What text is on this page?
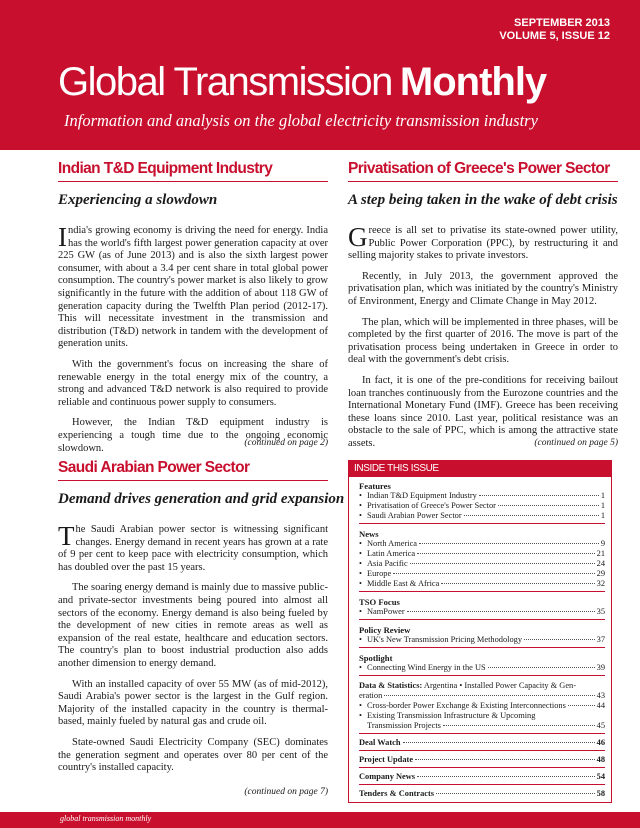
SEPTEMBER 2013
VOLUME 5, ISSUE 12
Global Transmission Monthly
Information and analysis on the global electricity transmission industry
Indian T&D Equipment Industry
Experiencing a slowdown

India's growing economy is driving the need for energy. India has the world's fifth largest power generation capacity at over 225 GW (as of June 2013) and is also the sixth largest power consumer, with about a 3.4 per cent share in total global power consumption. The country's power market is also likely to grow significantly in the future with the addition of about 118 GW of generation capacity during the Twelfth Plan period (2012-17). This will necessitate investment in the transmission and distribution (T&D) network in tandem with the development of generation units.

With the government's focus on increasing the share of renewable energy in the total energy mix of the country, a strong and advanced T&D network is also required to provide reliable and continuous power supply to consumers.

However, the Indian T&D equipment industry is experiencing a tough time due to the ongoing economic slowdown.	(continued on page 2)
Saudi Arabian Power Sector
Demand drives generation and grid expansion

The Saudi Arabian power sector is witnessing significant changes. Energy demand in recent years has grown at a rate of 9 per cent to keep pace with electricity consumption, which has doubled over the past 15 years.

The soaring energy demand is mainly due to massive public- and private-sector investments being poured into almost all sectors of the economy. Energy demand is also being fueled by the development of new cities in remote areas as well as expansion of the real estate, healthcare and education sectors. The country's plan to boost industrial production also adds another dimension to energy demand.

With an installed capacity of over 55 MW (as of mid-2012), Saudi Arabia's power sector is the largest in the Gulf region. Majority of the installed capacity in the country is thermal-based, mainly fueled by natural gas and crude oil.

State-owned Saudi Electricity Company (SEC) dominates the generation segment and operates over 80 per cent of the country's installed capacity.

(continued on page 7)
Privatisation of Greece's Power Sector
A step being taken in the wake of debt crisis

Greece is all set to privatise its state-owned power utility, Public Power Corporation (PPC), by restructuring it and selling majority stakes to private investors.

Recently, in July 2013, the government approved the privatisation plan, which was initiated by the country's Ministry of Environment, Energy and Climate Change in May 2012.

The plan, which will be implemented in three phases, will be completed by the first quarter of 2016. The move is part of the privatisation process being undertaken in Greece in order to deal with the government's debt crisis.

In fact, it is one of the pre-conditions for receiving bailout loan tranches continuously from the Eurozone countries and the International Monetary Fund (IMF). Greece has been receiving these loans since 2010. Last year, political resistance was an obstacle to the sale of PPC, which is among the attractive state assets.	(continued on page 5)
INSIDE THIS ISSUE
Features
• Indian T&D Equipment Industry	1
• Privatisation of Greece's Power Sector	1
• Saudi Arabian Power Sector	1
News
• North America	9
• Latin America	21
• Asia Pacific	24
• Europe	29
• Middle East & Africa	32
TSO Focus
• NamPower	35
Policy Review
• UK's New Transmission Pricing Methodology	37
Spotlight
• Connecting Wind Energy in the US	39
Data & Statistics: Argentina • Installed Power Capacity & Gen-
eration	43
• Cross-border Power Exchange & Existing Interconnections	44
• Existing Transmission Infrastructure & Upcoming
Transmission Projects	45
Deal Watch	46
Project Update	48
Company News	54
Tenders & Contracts	58
global transmission monthly
